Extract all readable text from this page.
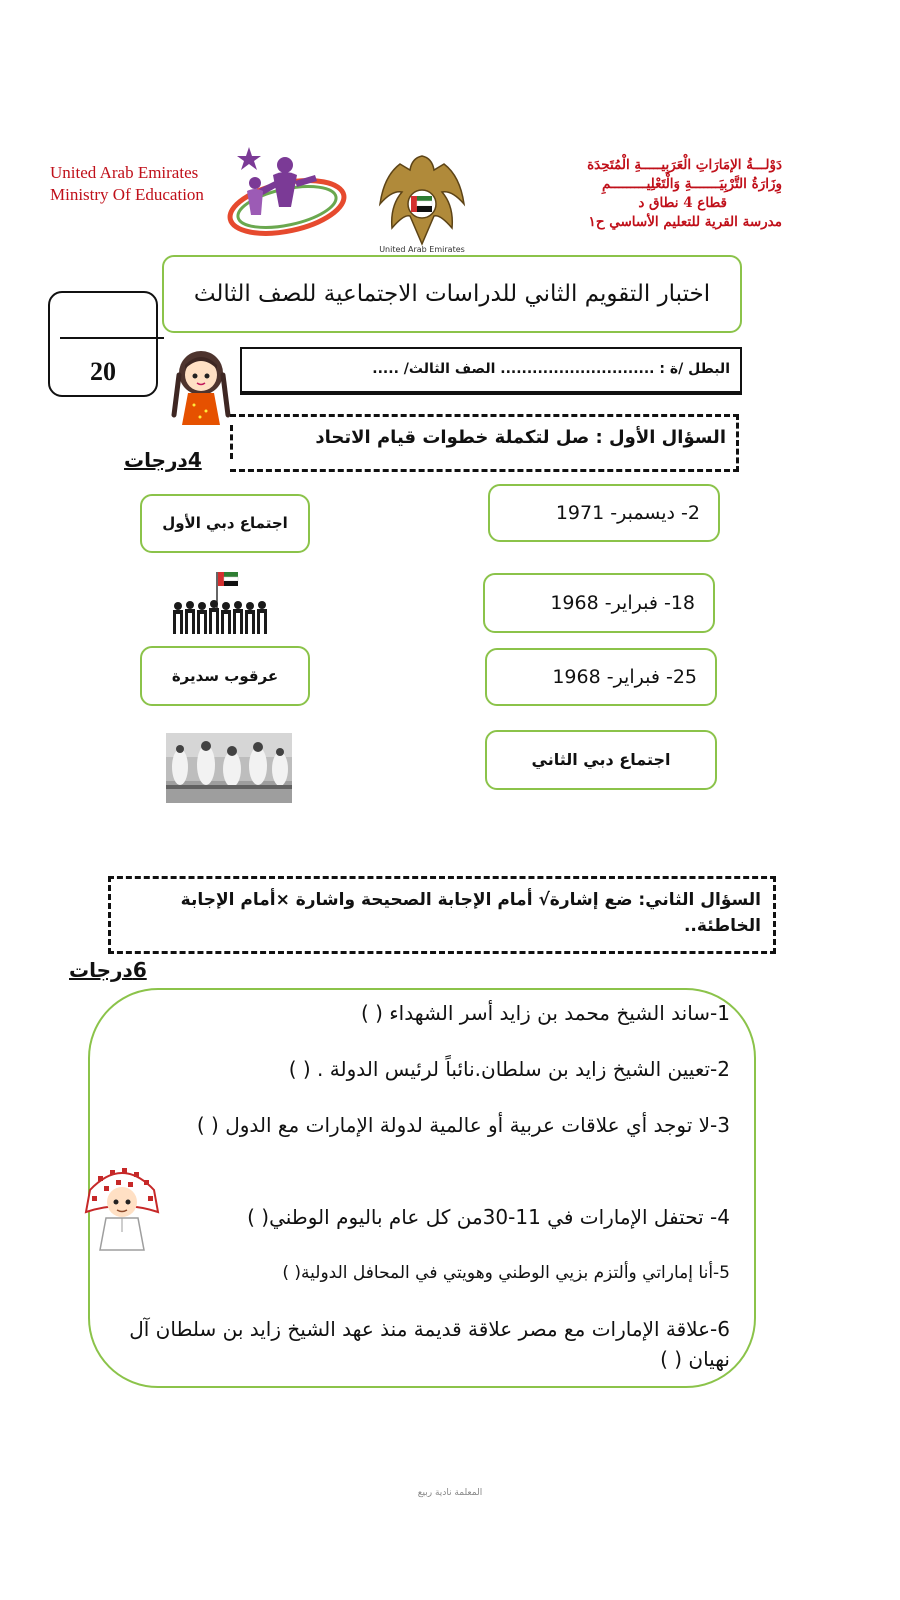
United Arab Emirates
Ministry Of Education
United Arab Emirates
دَوْلـــةُ الإمَارَاتِ الْعَرَبِيـــــةِ الْمُتَحِدَة
وِزَارَةُ التَّرْبِيَـــــــةِ وَالْتَعْلِيـــــــــمِ
قطاع 4 نطاق د
مدرسة القرية للتعليم الأساسي ح١
اختبار التقويم الثاني للدراسات الاجتماعية للصف الثالث
20	البطل /ة : ............................. الصف الثالث/ .....
السؤال الأول : صل لتكملة خطوات قيام الاتحاد
4درجات
2- ديسمبر- 1971
18- فبراير- 1968
25- فبراير- 1968
اجتماع دبي الثاني
اجتماع دبي الأول
عرقوب سديرة
السؤال الثاني: ضع إشارة√ أمام الإجابة الصحيحة واشارة ×أمام الإجابة الخاطئة..
6درجات
1-ساند الشيخ محمد بن زايد أسر الشهداء ( )
2-تعيين الشيخ زايد بن سلطان.نائباً لرئيس الدولة . ( )
3-لا توجد أي علاقات عربية أو عالمية لدولة الإمارات مع الدول ( )
4- تحتفل الإمارات في 11-30من كل عام باليوم الوطني( )
5-أنا إماراتي وألتزم بزيي الوطني وهويتي في المحافل الدولية( )
6-علاقة الإمارات مع مصر علاقة قديمة منذ عهد الشيخ زايد بن سلطان آل نهيان ( )
المعلمة نادية ربيع
